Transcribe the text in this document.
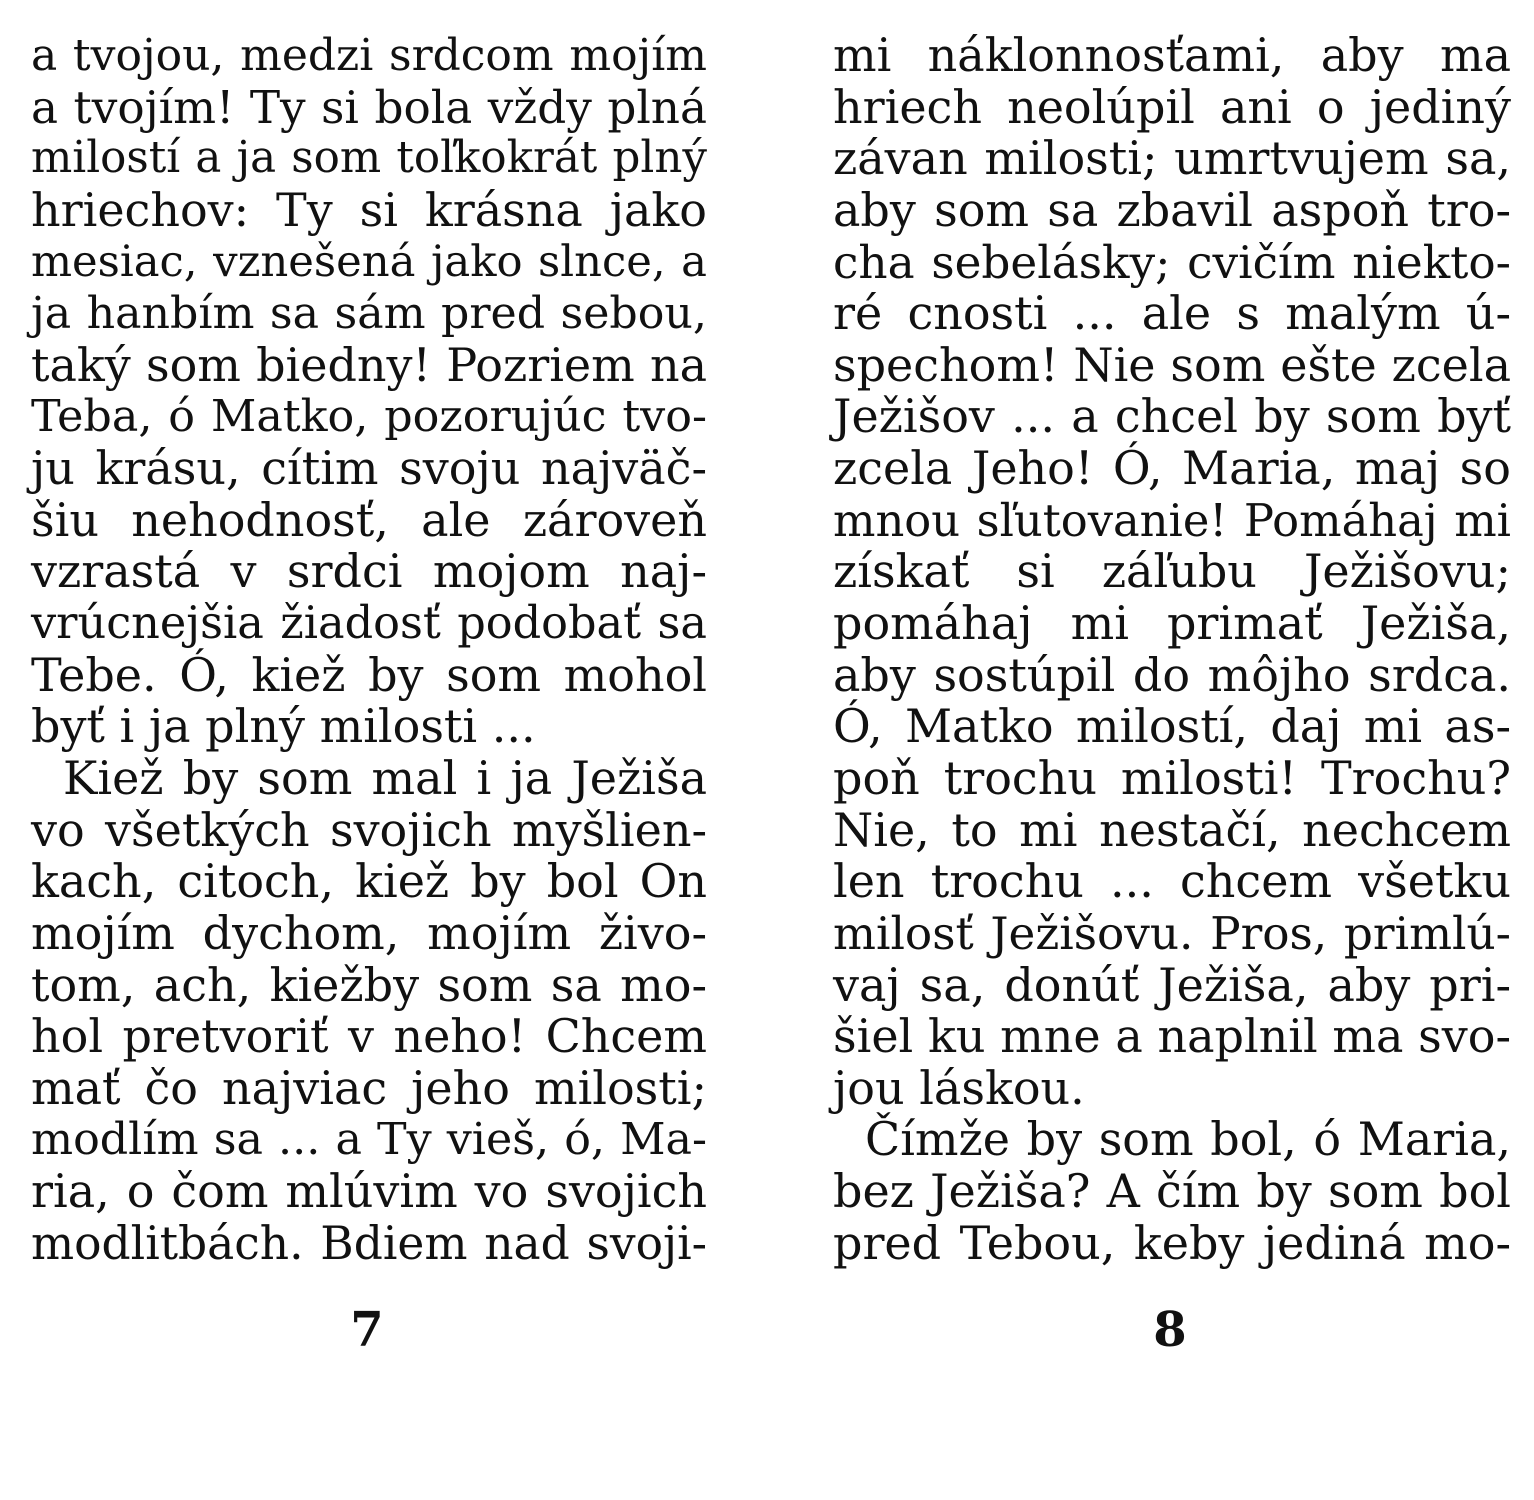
a tvojou, medzi srdcom mojím
a tvojím! Ty si bola vždy plná
milostí a ja som toľkokrát plný
hriechov: Ty si krásna jako
mesiac, vznešená jako slnce, a
ja hanbím sa sám pred sebou,
taký som biedny! Pozriem na
Teba, ó Matko, pozorujúc tvo-
ju krásu, cítim svoju najväč-
šiu nehodnosť, ale zároveň
vzrastá v srdci mojom naj-
vrúcnejšia žiadosť podobať sa
Tebe. Ó, kiež by som mohol
byť i ja plný milosti ...
Kiež by som mal i ja Ježiša
vo všetkých svojich myšlien-
kach, citoch, kiež by bol On
mojím dychom, mojím živo-
tom, ach, kiežby som sa mo-
hol pretvoriť v neho! Chcem
mať čo najviac jeho milosti;
modlím sa ... a Ty vieš, ó, Ma-
ria, o čom mlúvim vo svojich
modlitbách. Bdiem nad svoji-
7
mi náklonnosťami, aby ma
hriech neolúpil ani o jediný
závan milosti; umrtvujem sa,
aby som sa zbavil aspoň tro-
cha sebelásky; cvičím niekto-
ré cnosti ... ale s malým ú-
spechom! Nie som ešte zcela
Ježišov ... a chcel by som byť
zcela Jeho! Ó, Maria, maj so
mnou sľutovanie! Pomáhaj mi
získať si záľubu Ježišovu;
pomáhaj mi primať Ježiša,
aby sostúpil do môjho srdca.
Ó, Matko milostí, daj mi as-
poň trochu milosti! Trochu?
Nie, to mi nestačí, nechcem
len trochu ... chcem všetku
milosť Ježišovu. Pros, primlú-
vaj sa, donúť Ježiša, aby pri-
šiel ku mne a naplnil ma svo-
jou láskou.
Čímže by som bol, ó Maria,
bez Ježiša? A čím by som bol
pred Tebou, keby jediná mo-
8
